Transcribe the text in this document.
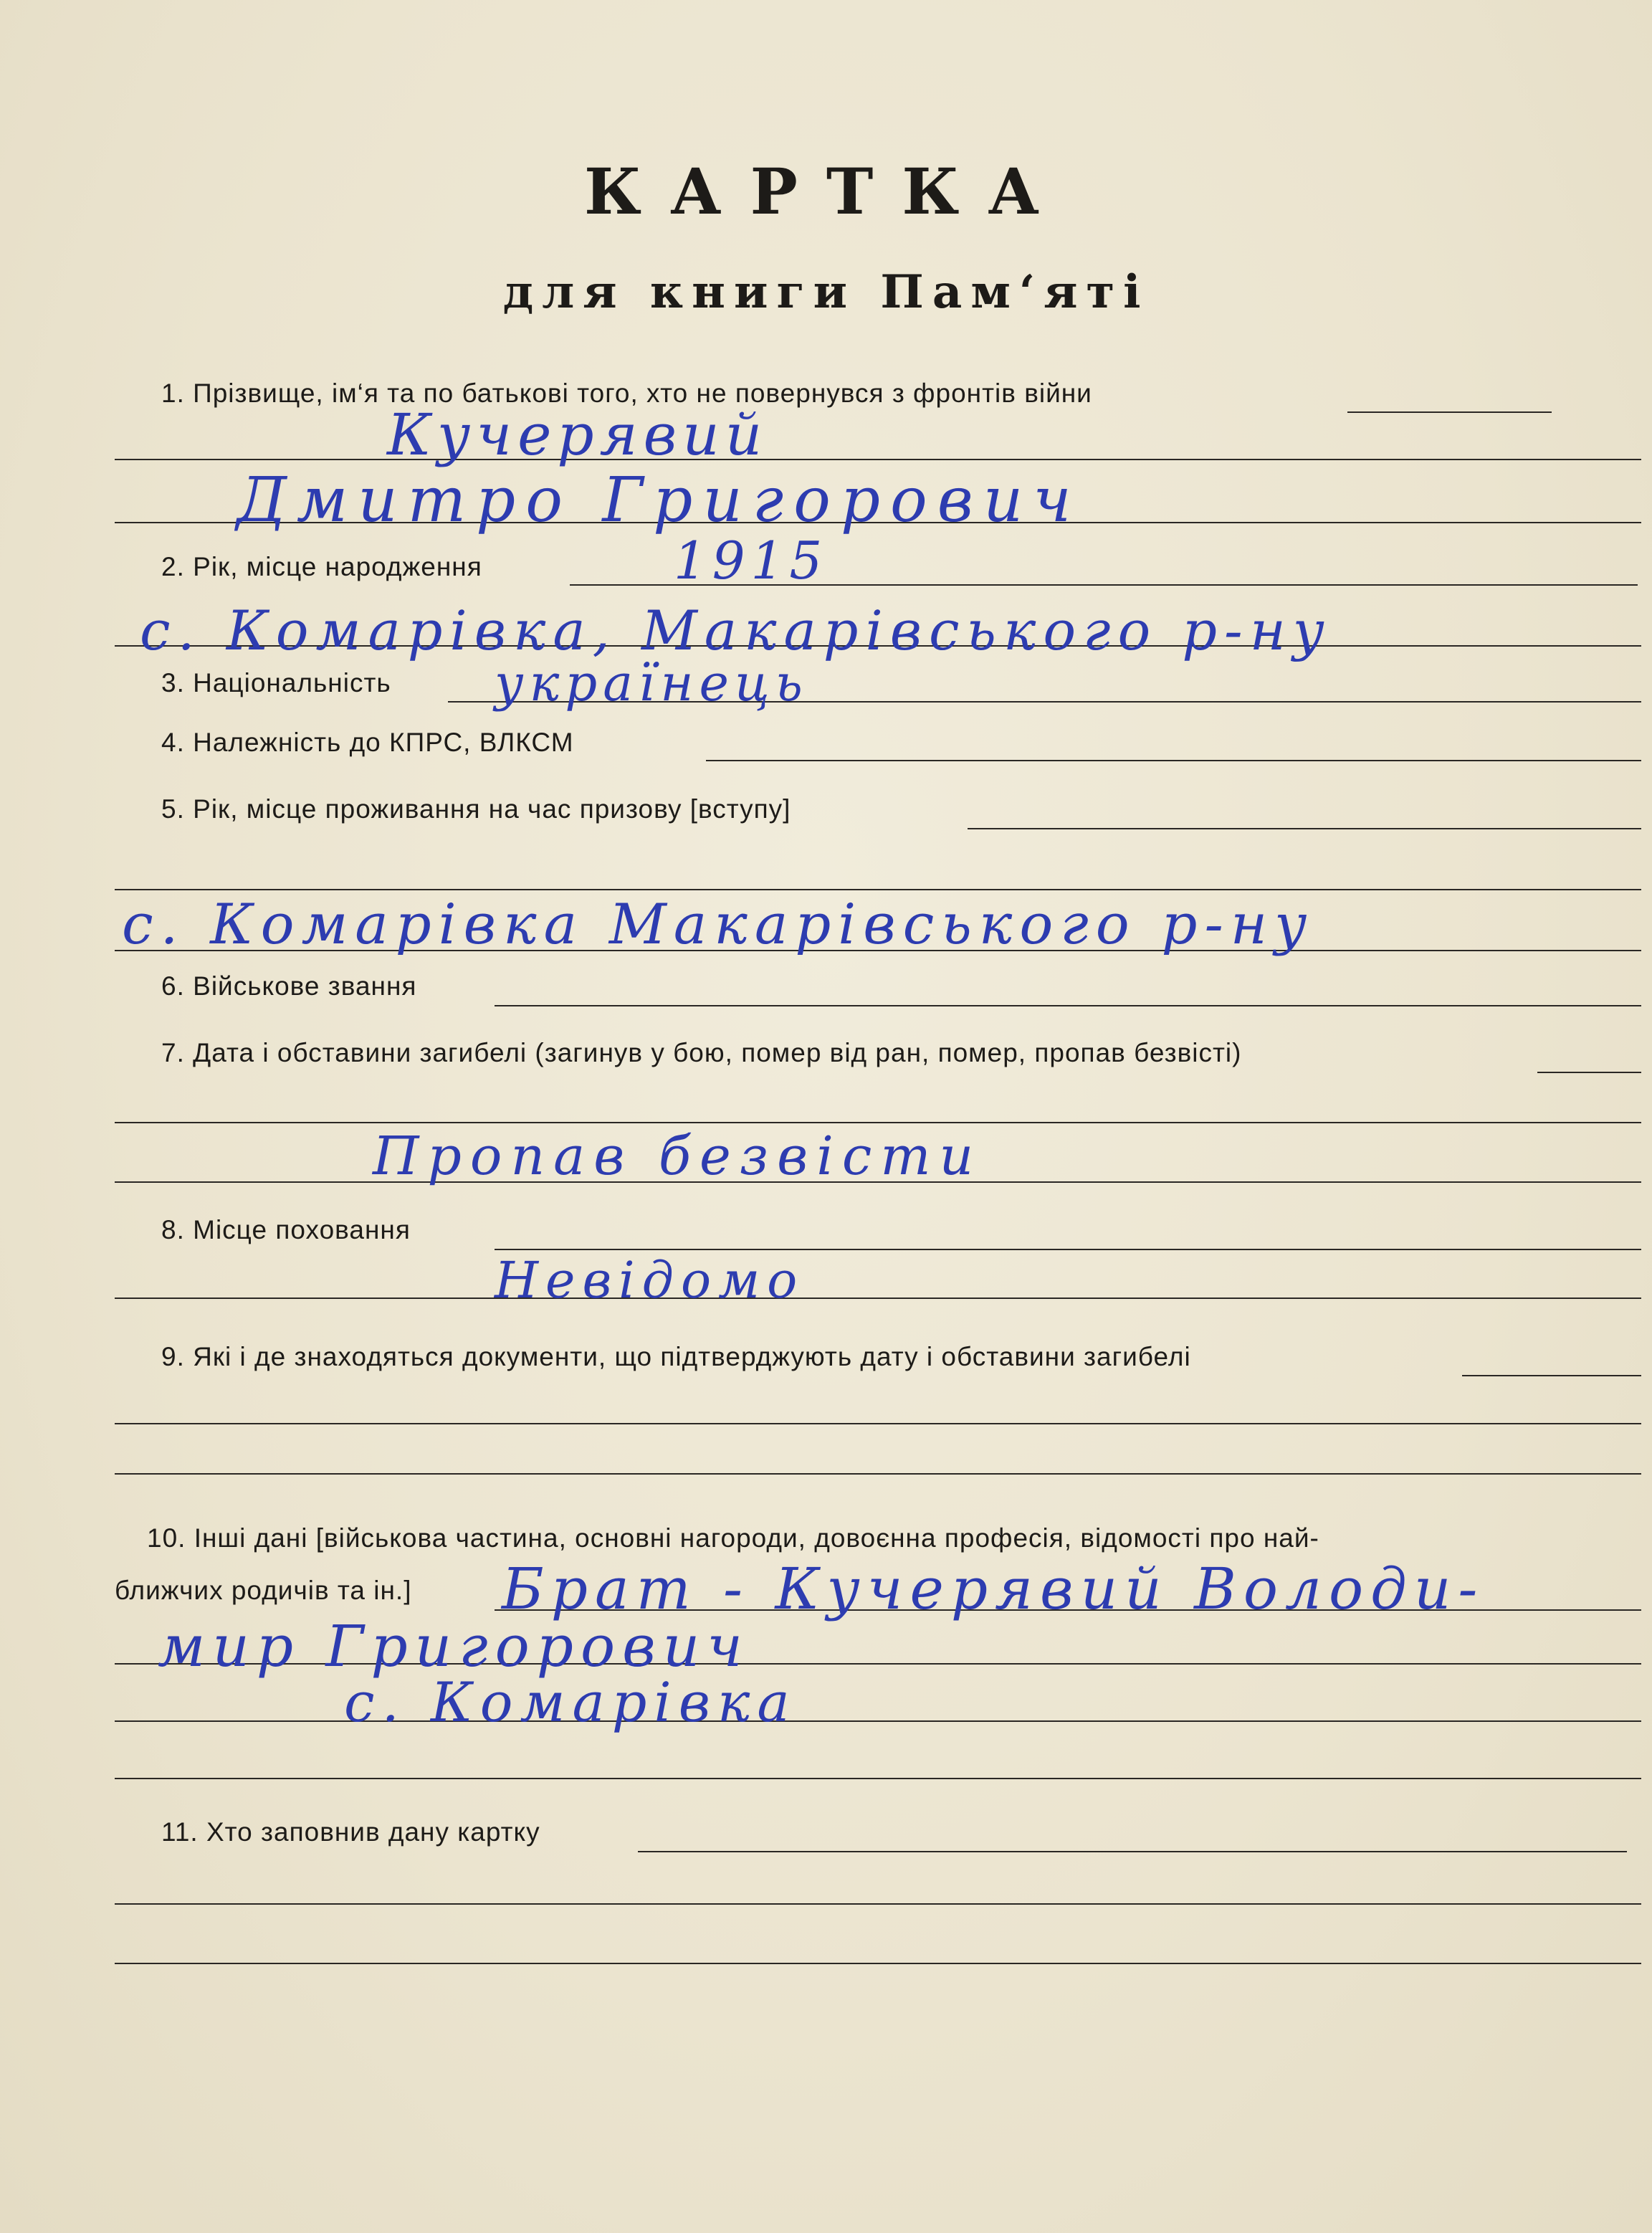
КАРТКА
для книги Пам‘яті
1. Прізвище, ім‘я та по батькові того, хто не повернувся з фронтів війни
Кучерявий
Дмитро Григорович
2. Рік, місце народження	1915
с. Комарівка, Макарівського р-ну
3. Національність українець
4. Належність до КПРС, ВЛКСМ
5. Рік, місце проживання на час призову [вступу]
с. Комарівка Макарівського р-ну
6. Військове звання
7. Дата і обставини загибелі (загинув у бою, помер від ран, помер, пропав безвісті)
Пропав безвісти
8. Місце поховання
Невідомо
9. Які і де знаходяться документи, що підтверджують дату і обставини загибелі
10. Інші дані [військова частина, основні нагороди, довоєнна професія, відомості про най-
ближчих родичів та ін.] Брат - Кучерявий Володи-
мир Григорович
с. Комарівка
11. Хто заповнив дану картку
